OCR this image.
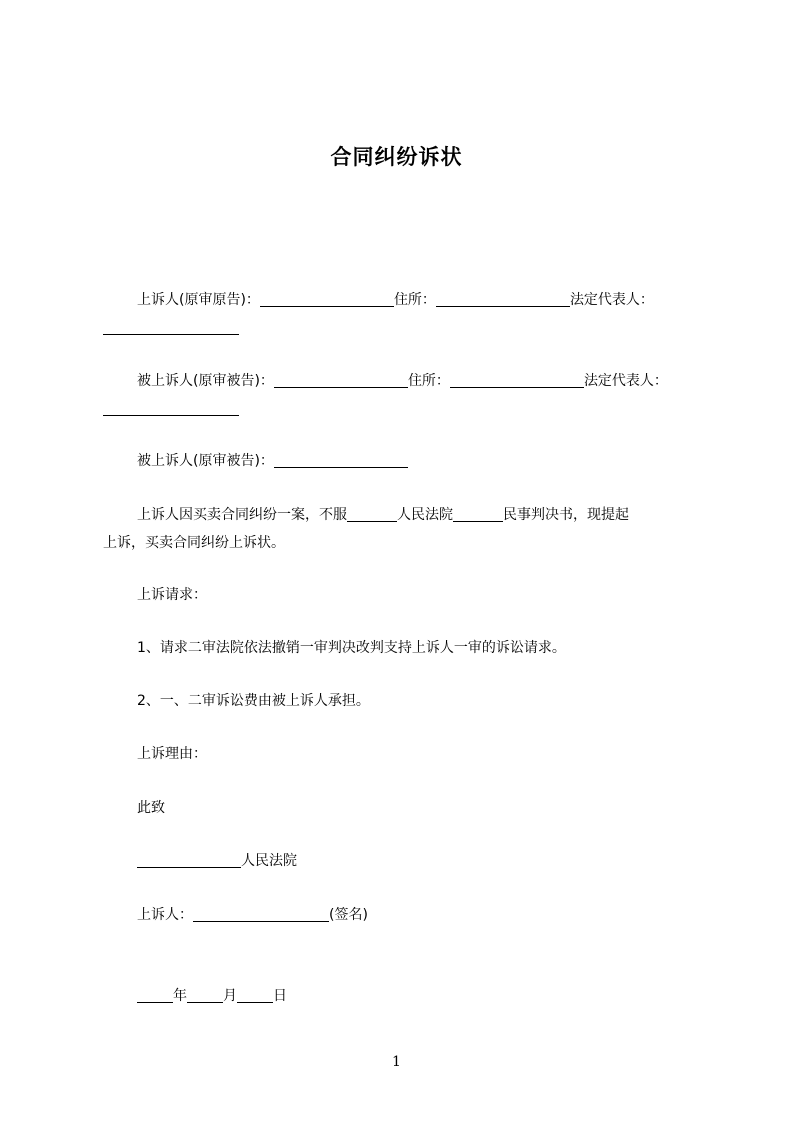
合同纠纷诉状
上诉人(原审原告)：	住所：	法定代表人：
被上诉人(原审被告)：	住所：	法定代表人：
被上诉人(原审被告)：
上诉人因买卖合同纠纷一案，不服	人民法院	民事判决书，现提起
上诉，买卖合同纠纷上诉状。
上诉请求：
1、请求二审法院依法撤销一审判决改判支持上诉人一审的诉讼请求。
2、一、二审诉讼费由被上诉人承担。
上诉理由：
此致
人民法院
上诉人：	(签名)
年	月	日
1
